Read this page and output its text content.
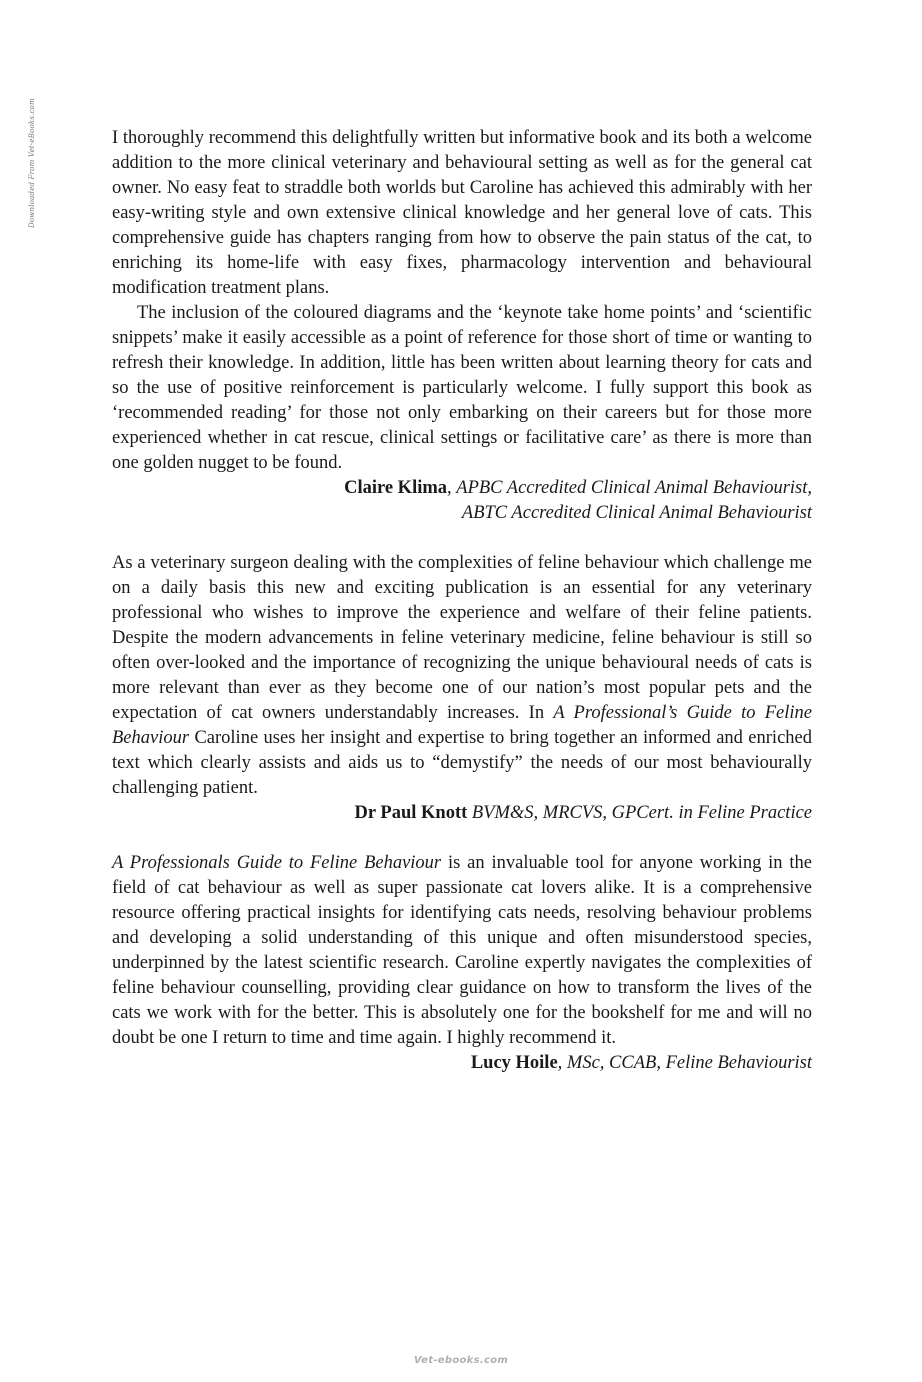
Downloaded From Vet-eBooks.com	I thoroughly recommend this delightfully written but informative book and its both a welcome addition to the more clinical veterinary and behavioural setting as well as for the general cat owner. No easy feat to straddle both worlds but Caroline has achieved this admirably with her easy-writing style and own extensive clinical knowledge and her general love of cats. This comprehensive guide has chapters ranging from how to observe the pain status of the cat, to enriching its home-life with easy fixes, pharmacology intervention and behavioural modification treatment plans.

The inclusion of the coloured diagrams and the ‘keynote take home points’ and ‘scientific snippets’ make it easily accessible as a point of reference for those short of time or wanting to refresh their knowledge. In addition, little has been written about learning theory for cats and so the use of positive reinforcement is particularly welcome. I fully support this book as ‘recommended reading’ for those not only embarking on their careers but for those more experienced whether in cat rescue, clinical settings or facilitative care’ as there is more than one golden nugget to be found.

Claire Klima, APBC Accredited Clinical Animal Behaviourist,
ABTC Accredited Clinical Animal Behaviourist

As a veterinary surgeon dealing with the complexities of feline behaviour which challenge me on a daily basis this new and exciting publication is an essential for any veterinary professional who wishes to improve the experience and welfare of their feline patients. Despite the modern advancements in feline veterinary medicine, feline behaviour is still so often over-looked and the importance of recognizing the unique behavioural needs of cats is more relevant than ever as they become one of our nation’s most popular pets and the expectation of cat owners understandably increases. In A Professional’s Guide to Feline Behaviour Caroline uses her insight and expertise to bring together an informed and enriched text which clearly assists and aids us to “demystify” the needs of our most behaviourally challenging patient.

Dr Paul Knott BVM&S, MRCVS, GPCert. in Feline Practice

A Professionals Guide to Feline Behaviour is an invaluable tool for anyone working in the field of cat behaviour as well as super passionate cat lovers alike. It is a comprehensive resource offering practical insights for identifying cats needs, resolving behaviour problems and developing a solid understanding of this unique and often misunderstood species, underpinned by the latest scientific research. Caroline expertly navigates the complexities of feline behaviour counselling, providing clear guidance on how to transform the lives of the cats we work with for the better. This is absolutely one for the bookshelf for me and will no doubt be one I return to time and time again. I highly recommend it.

Lucy Hoile, MSc, CCAB, Feline Behaviourist
Vet-ebooks.com
